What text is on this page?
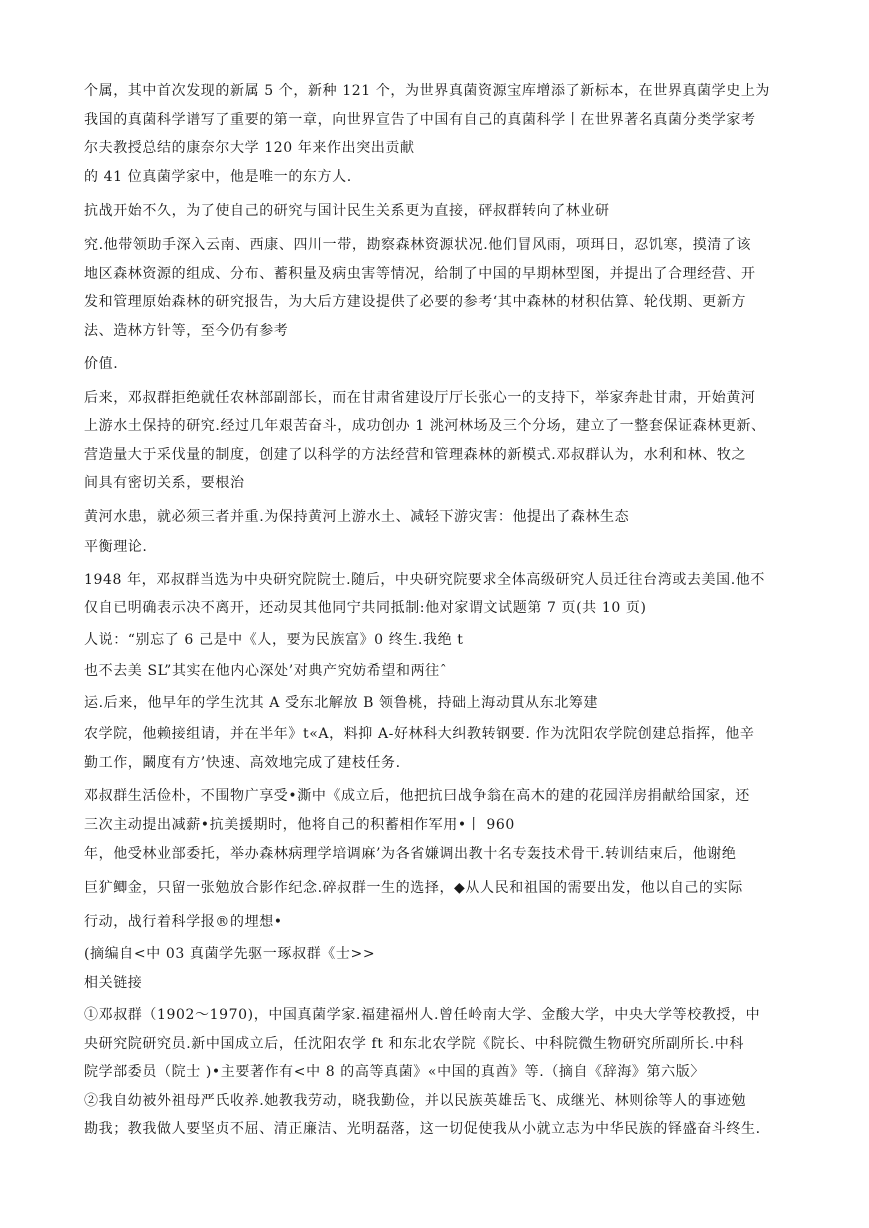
个属，其中首次发现的新属 5 个，新种 121 个，为世界真菌资源宝库增添了新标本，在世界真菌学史上为
我国的真菌科学谱写了重要的第一章，向世界宣告了中国有自己的真菌科学丨在世界著名真菌分类学家考
尔夫教授总结的康奈尔大学 120 年来作出突出贡献
的 41 位真菌学家中，他是唯一的东方人.
抗战开始不久，为了使自己的研究与国计民生关系更为直接，砰叔群转向了林业研
究.他带领助手深入云南、西康、四川一带，勘察森林资源状况.他们冒风雨，项珥日，忍饥寒，摸清了该
地区森林资源的组成、分布、蓄积量及病虫害等情况，给制了中国的早期林型图，并提出了合理经营、开
发和管理原始森林的研究报告，为大后方建设提供了必要的参考‘其中森林的材积估算、轮伐期、更新方
法、造林方针等，至今仍有参考
价值.
后来，邓叔群拒绝就任农林部副部长，而在甘肃省建设厅厅长张心一的支持下，举家奔赴甘肃，开始黄河
上游水土保持的研究.经过几年艰苦奋斗，成功创办 1 洮河林场及三个分场，建立了一整套保证森林更新、
营造量大于采伐量的制度，创建了以科学的方法经营和管理森林的新模式.邓叔群认为，水利和林、牧之
间具有密切关系，要根治
黄河水患，就必须三者并重.为保持黄河上游水土、减轻下游灾害：他提出了森林生态
平衡理论.
1948 年，邓叔群当选为中央研究院院士.随后，中央研究院要求全体高级研究人员迁往台湾或去美国.他不
仅自已明确表示决不离开，还动炅其他同宁共同抵制:他对家谓文试题第 7 页(共 10 页)
人说：“别忘了 6 己是中《人，要为民族富》0 终生.我绝 t
也不去美 SL”其实在他内心深处’对典产究妨希望和两往ˆ
运.后来，他早年的学生沈其 A 受东北解放 B 领鲁桃，持础上海动貫从东北筹建
农学院，他赖接组请，并在半年》t«A，料抑 A-好林科大纠教转钢要. 作为沈阳农学院创建总指挥，他辛
勤工作，鬫度有方’快速、高效地完成了建枝任务.
邓叔群生活俭朴，不围物广享受•澌中《成立后，他把抗曰战争翁在高木的建的花园洋房捐献给国家，还
三次主动提出减薪•抗美援期时，他将自己的积蓄相作军用•丨 960
年，他受林业部委托，举办森林病理学培调麻’为各省嫌调出教十名专轰技术骨干.转训结束后，他谢绝
巨犷鲫金，只留一张勉放合影作纪念.碎叔群一生的选择，◆从人民和祖国的需要出发，他以自己的实际
行动，战行着科学报®的埋想•
(摘编自<中 03 真菌学先驱一琢叔群《士>>
相关链接
①邓叔群（1902〜1970)，中国真菌学家.福建福州人.曾任岭南大学、金酸大学，中央大学等校教授，中
央研究院研究员.新中国成立后，任沈阳农学 ft 和东北农学院《院长、中科院微生物研究所副所长.中科
院学部委员（院士 )•主要著作有<中 8 的高等真菌》«中国的真酋》等.（摘自《辞海》第六版〉
②我自幼被外祖母严氏收养.她教我劳动，晓我勤俭，并以民族英雄岳飞、成继光、林则徐等人的事迹勉
勘我；教我做人要坚贞不屈、清正廉洁、光明磊落，这一切促使我从小就立志为中华民族的铎盛奋斗终生.
